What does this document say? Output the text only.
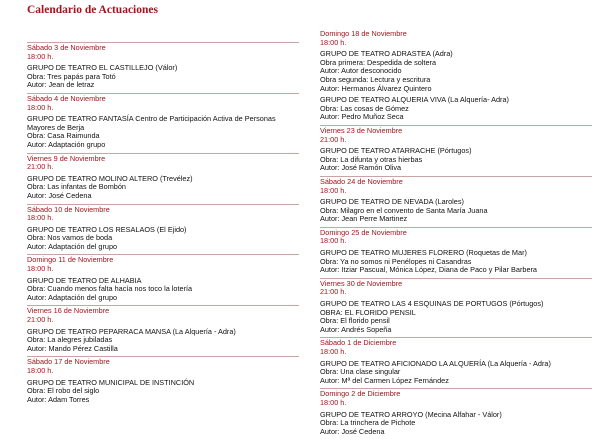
Calendario de Actuaciones
Sábado 3 de Noviembre
18:00 h.
GRUPO DE TEATRO EL CASTILLEJO (Válor)
Obra: Tres papás para Totó
Autor: Jean de letraz
Sábado 4 de Noviembre
18:00 h.
GRUPO DE TEATRO FANTASÍA Centro de Participación Activa de Personas Mayores de Berja
Obra: Casa Raimunda
Autor: Adaptación grupo
Viernes 9 de Noviembre
21:00 h.
GRUPO DE TEATRO MOLINO ALTERO (Trevélez)
Obra: Las infantas de Bombón
Autor: José Cedena
Sábado 10 de Noviembre
18:00 h.
GRUPO DE TEATRO LOS RESALAOS (El Ejido)
Obra: Nos vamos de boda
Autor: Adaptación del grupo
Domingo 11 de Noviembre
18:00 h.
GRUPO DE TEATRO DE ALHABIA
Obra: Cuando menos falta hacía nos toco la lotería
Autor: Adaptación del grupo
Viernes 16 de Noviembre
21:00 h.
GRUPO DE TEATRO PEPARRACA MANSA (La Alquería - Adra)
Obra: La alegres jubiladas
Autor: Mando Pérez Castilla
Sábado 17 de Noviembre
18:00 h.
GRUPO DE TEATRO MUNICIPAL DE INSTINCIÓN
Obra: El robo del siglo
Autor: Adam Torres
Domingo 18 de Noviembre
18:00 h.
GRUPO DE TEATRO ADRASTEA (Adra)
Obra primera: Despedida de soltera
Autor: Autor desconocido
Obra segunda: Lectura y escritura
Autor: Hermanos Álvarez Quintero
GRUPO DE TEATRO ALQUERIA VIVA (La Alquería- Adra)
Obra: Las cosas de Gómez
Autor: Pedro Muñoz Seca
Viernes 23 de Noviembre
21:00 h.
GRUPO DE TEATRO ATARRACHE (Pórtugos)
Obra: La difunta y otras hierbas
Autor: José Ramón Oliva
Sábado 24 de Noviembre
18:00 h.
GRUPO DE TEATRO DE NEVADA (Laroles)
Obra: Milagro en el convento de Santa María Juana
Autor: Jean Perre Martinez
Domingo 25 de Noviembre
18:00 h.
GRUPO DE TEATRO MUJERES FLORERO (Roquetas de Mar)
Obra: Ya no somos ni Penélopes ni Casandras
Autor: Itziar Pascual, Mónica López, Diana de Paco y Pilar Barbera
Viernes 30 de Noviembre
21:00 h.
GRUPO DE TEATRO LAS 4 ESQUINAS DE PORTUGOS (Pórtugos)
OBRA: EL FLORIDO PENSIL
Obra: El florido pensil
Autor: Andrés Sopeña
Sábado 1 de Diciembre
18:00 h.
GRUPO DE TEATRO AFICIONADO LA ALQUERÍA (La Alquería - Adra)
Obra: Una clase singular
Autor: Mª del Carmen López Fernández
Domingo 2 de Diciembre
18:00 h.
GRUPO DE TEATRO ARROYO (Mecina Alfahar - Válor)
Obra: La trinchera de Pichote
Autor: José Cedena
